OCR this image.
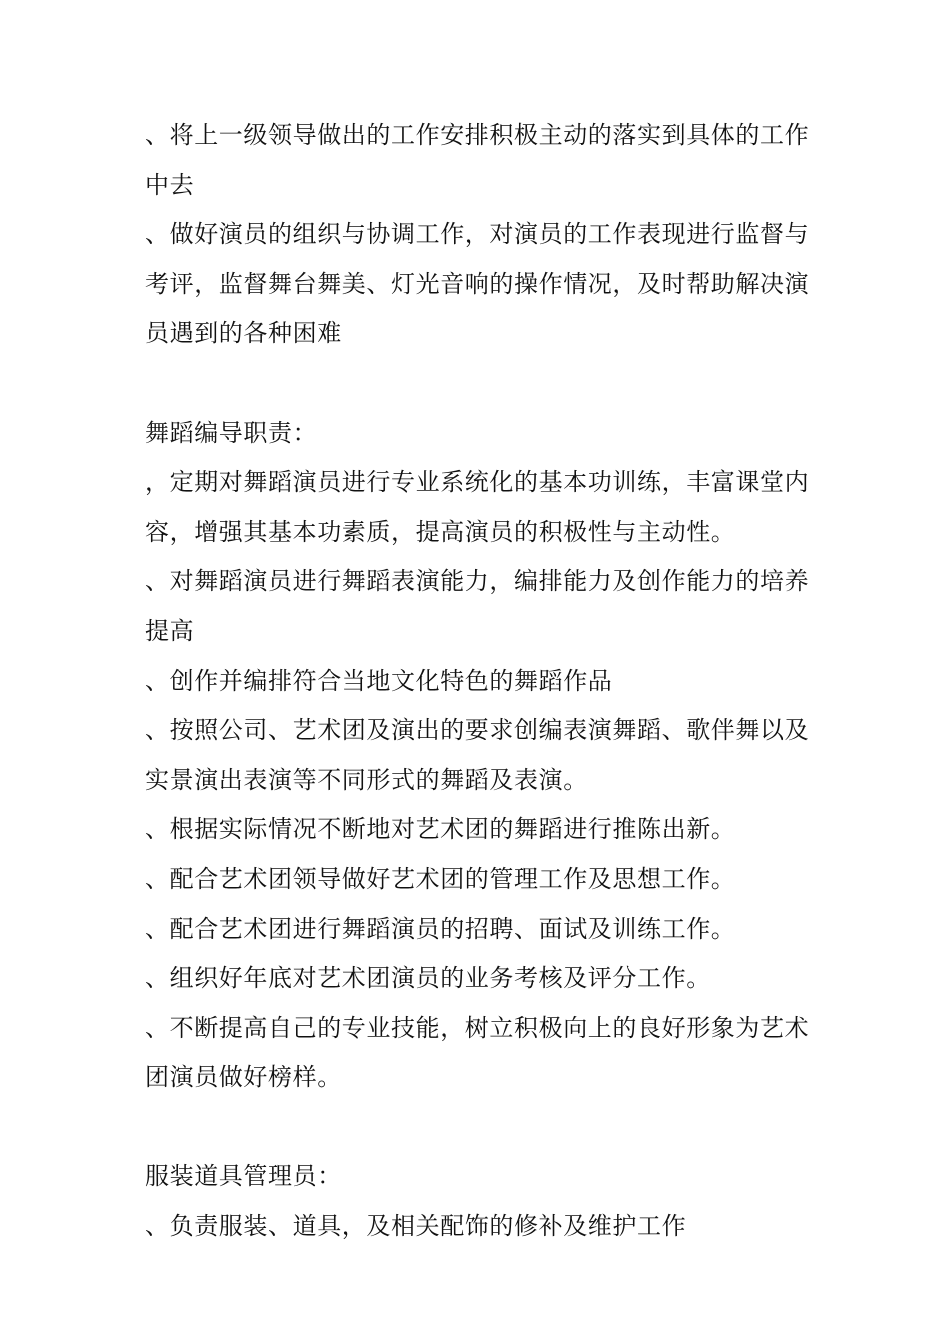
、将上一级领导做出的工作安排积极主动的落实到具体的工作中去

、做好演员的组织与协调工作，对演员的工作表现进行监督与考评，监督舞台舞美、灯光音响的操作情况，及时帮助解决演员遇到的各种困难

舞蹈编导职责：

，定期对舞蹈演员进行专业系统化的基本功训练，丰富课堂内容，增强其基本功素质，提高演员的积极性与主动性。

、对舞蹈演员进行舞蹈表演能力，编排能力及创作能力的培养提高

、创作并编排符合当地文化特色的舞蹈作品

、按照公司、艺术团及演出的要求创编表演舞蹈、歌伴舞以及实景演出表演等不同形式的舞蹈及表演。

、根据实际情况不断地对艺术团的舞蹈进行推陈出新。

、配合艺术团领导做好艺术团的管理工作及思想工作。

、配合艺术团进行舞蹈演员的招聘、面试及训练工作。

、组织好年底对艺术团演员的业务考核及评分工作。

、不断提高自己的专业技能，树立积极向上的良好形象为艺术团演员做好榜样。

服装道具管理员：

、负责服装、道具，及相关配饰的修补及维护工作
